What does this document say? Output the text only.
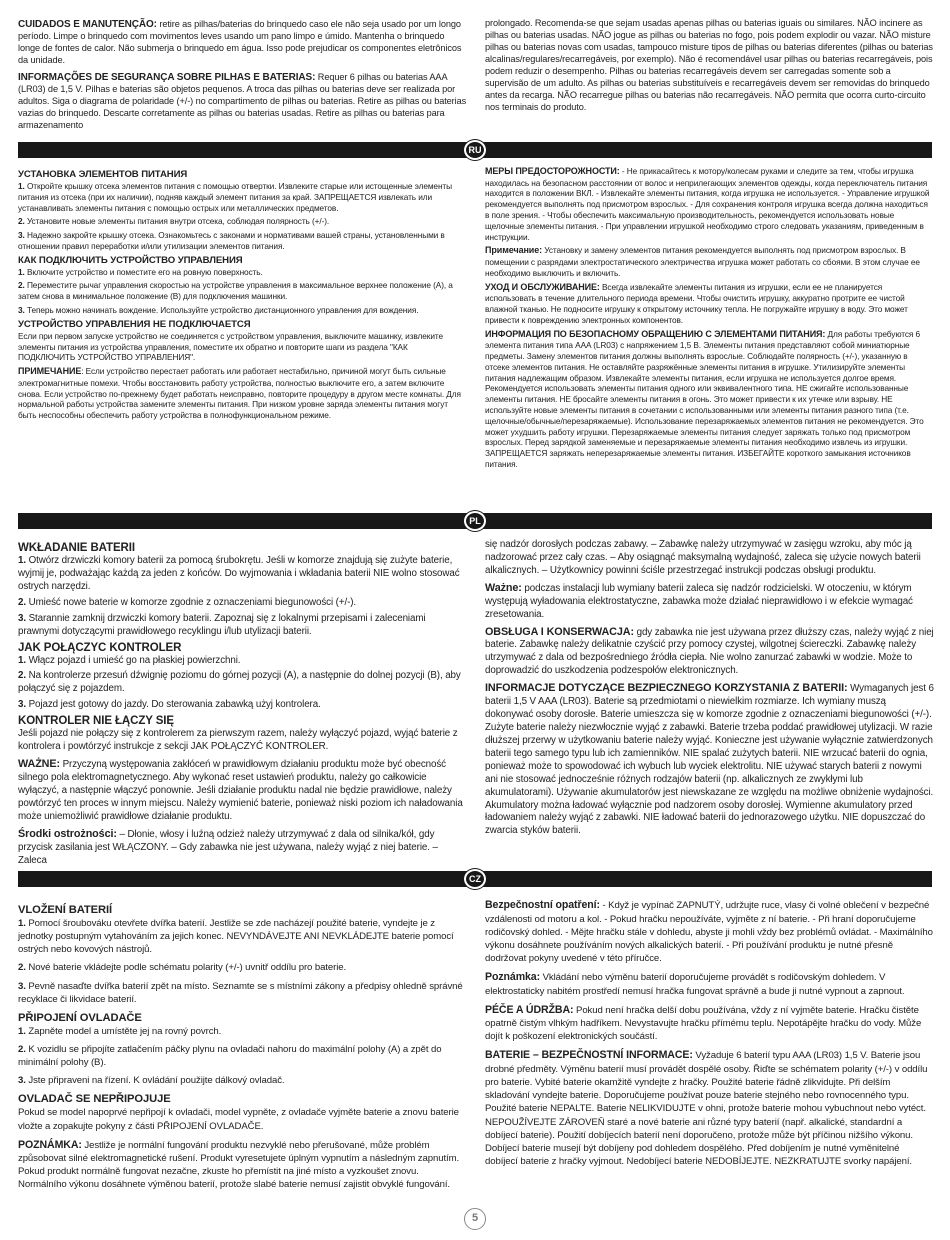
CUIDADOS E MANUTENÇÃO: retire as pilhas/baterias do brinquedo caso ele não seja usado por um longo período. Limpe o brinquedo com movimentos leves usando um pano limpo e úmido. Mantenha o brinquedo longe de fontes de calor. Não submerja o brinquedo em água. Isso pode prejudicar os componentes eletrônicos da unidade.

INFORMAÇÕES DE SEGURANÇA SOBRE PILHAS E BATERIAS: Requer 6 pilhas ou baterias AAA (LR03) de 1,5 V. Pilhas e baterias são objetos pequenos. A troca das pilhas ou baterias deve ser realizada por adultos. Siga o diagrama de polaridade (+/-) no compartimento de pilhas ou baterias. Retire as pilhas ou baterias vazias do brinquedo. Descarte corretamente as pilhas ou baterias usadas. Retire as pilhas ou baterias para armazenamento

prolongado. Recomenda-se que sejam usadas apenas pilhas ou baterias iguais ou similares. NÃO incinere as pilhas ou baterias usadas. NÃO jogue as pilhas ou baterias no fogo, pois podem explodir ou vazar. NÃO misture pilhas ou baterias novas com usadas, tampouco misture tipos de pilhas ou baterias diferentes (pilhas ou baterias alcalinas/regulares/recarregáveis, por exemplo). Não é recomendável usar pilhas ou baterias recarregáveis, pois podem reduzir o desempenho. Pilhas ou baterias recarregáveis devem ser carregadas somente sob a supervisão de um adulto. As pilhas ou baterias substituíveis e recarregáveis devem ser removidas do brinquedo antes da recarga. NÃO recarregue pilhas ou baterias não recarregáveis. NÃO permita que ocorra curto-circuito nos terminais do produto.

RU
УСТАНОВКА ЭЛЕМЕНТОВ ПИТАНИЯ

1. Откройте крышку отсека элементов питания с помощью отвертки. Извлеките старые или истощенные элементы питания из отсека (при их наличии), подняв каждый элемент питания за край. ЗАПРЕЩАЕТСЯ извлекать или устанавливать элементы питания с помощью острых или металлических предметов.

2. Установите новые элементы питания внутри отсека, соблюдая полярность (+/-).

3. Надежно закройте крышку отсека. Ознакомьтесь с законами и нормативами вашей страны, установленными в отношении правил переработки и/или утилизации элементов питания.

КАК ПОДКЛЮЧИТЬ УСТРОЙСТВО УПРАВЛЕНИЯ

1. Включите устройство и поместите его на ровную поверхность.

2. Переместите рычаг управления скоростью на устройстве управления в максимальное верхнее положение (A), а затем снова в минимальное положение (B) для подключения машинки.

3. Теперь можно начинать вождение. Используйте устройство дистанционного управления для вождения.

УСТРОЙСТВО УПРАВЛЕНИЯ НЕ ПОДКЛЮЧАЕТСЯ

Если при первом запуске устройство не соединяется с устройством управления, выключите машинку, извлеките элементы питания из устройства управления, поместите их обратно и повторите шаги из раздела "КАК ПОДКЛЮЧИТЬ УСТРОЙСТВО УПРАВЛЕНИЯ".

ПРИМЕЧАНИЕ: Если устройство перестает работать или работает нестабильно, причиной могут быть сильные электромагнитные помехи. Чтобы восстановить работу устройства, полностью выключите его, а затем включите снова. Если устройство по-прежнему будет работать неисправно, повторите процедуру в другом месте комнаты. Для нормальной работы устройства замените элементы питания. При низком уровне заряда элементы питания могут быть неспособны обеспечить работу устройства в полнофункциональном режиме.

МЕРЫ ПРЕДОСТОРОЖНОСТИ: - Не прикасайтесь к мотору/колесам руками и следите за тем, чтобы игрушка находилась на безопасном расстоянии от волос и неприлегающих элементов одежды, когда переключатель питания находится в положении ВКЛ. - Извлекайте элементы питания, когда игрушка не используется. - Управление игрушкой рекомендуется выполнять под присмотром взрослых. - Для сохранения контроля игрушка всегда должна находиться в поле зрения. - Чтобы обеспечить максимальную производительность, рекомендуется использовать новые щелочные элементы питания. - При управлении игрушкой необходимо строго следовать указаниям, приведенным в инструкции.

Примечание: Установку и замену элементов питания рекомендуется выполнять под присмотром взрослых. В помещении с разрядами электростатического электричества игрушка может работать со сбоями. В этом случае ее необходимо выключить и включить.

УХОД И ОБСЛУЖИВАНИЕ: Всегда извлекайте элементы питания из игрушки, если ее не планируется использовать в течение длительного периода времени. Чтобы очистить игрушку, аккуратно протрите ее чистой влажной тканью. Не подносите игрушку к открытому источнику тепла. Не погружайте игрушку в воду. Это может привести к повреждению электронных компонентов.

ИНФОРМАЦИЯ ПО БЕЗОПАСНОМУ ОБРАЩЕНИЮ С ЭЛЕМЕНТАМИ ПИТАНИЯ: Для работы требуются 6 элемента питания типа AAA (LR03) с напряжением 1,5 В. Элементы питания представляют собой миниатюрные предметы. Замену элементов питания должны выполнять взрослые. Соблюдайте полярность (+/-), указанную в отсеке элементов питания. Не оставляйте разряжённые элементы питания в игрушке. Утилизируйте элементы питания надлежащим образом. Извлекайте элементы питания, если игрушка не используется долгое время. Рекомендуется использовать элементы питания одного или эквивалентного типа. НЕ сжигайте использованные элементы питания. НЕ бросайте элементы питания в огонь. Это может привести к их утечке или взрыву. НЕ используйте новые элементы питания в сочетании с использованными или элементы питания разного типа (т.е. щелочные/обычные/перезаряжаемые). Использование перезаряжаемых элементов питания не рекомендуется. Это может ухудшить работу игрушки. Перезаряжаемые элементы питания следует заряжать только под присмотром взрослых. Перед зарядкой заменяемые и перезаряжаемые элементы питания необходимо извлечь из игрушки. ЗАПРЕЩАЕТСЯ заряжать неперезаряжаемые элементы питания. ИЗБЕГАЙТЕ короткого замыкания источников питания.

PL
WKŁADANIE BATERII

1. Otwórz drzwiczki komory baterii za pomocą śrubokrętu. Jeśli w komorze znajdują się zużyte baterie, wyjmij je, podważając każdą za jeden z końców. Do wyjmowania i wkładania baterii NIE wolno stosować ostrych narzędzi.

2. Umieść nowe baterie w komorze zgodnie z oznaczeniami biegunowości (+/-).

3. Starannie zamknij drzwiczki komory baterii. Zapoznaj się z lokalnymi przepisami i zaleceniami prawnymi dotyczącymi prawidłowego recyklingu i/lub utylizacji baterii.

JAK POŁĄCZYC KONTROLER

1. Włącz pojazd i umieść go na płaskiej powierzchni.

2. Na kontrolerze przesuń dźwignię poziomu do górnej pozycji (A), a następnie do dolnej pozycji (B), aby połączyć się z pojazdem.

3. Pojazd jest gotowy do jazdy. Do sterowania zabawką użyj kontrolera.

KONTROLER NIE ŁĄCZY SIĘ

Jeśli pojazd nie połączy się z kontrolerem za pierwszym razem, należy wyłączyć pojazd, wyjąć baterie z kontrolera i powtórzyć instrukcje z sekcji JAK POŁĄCZYĆ KONTROLER.

WAŻNE: Przyczyną występowania zakłóceń w prawidłowym działaniu produktu może być obecność silnego pola elektromagnetycznego. Aby wykonać reset ustawień produktu, należy go całkowicie wyłączyć, a następnie włączyć ponownie. Jeśli działanie produktu nadal nie będzie prawidłowe, należy powtórzyć ten proces w innym miejscu. Należy wymienić baterie, ponieważ niski poziom ich naładowania może uniemożliwić prawidłowe działanie produktu.

Środki ostrożności: – Dłonie, włosy i luźną odzież należy utrzymywać z dala od silnika/kół, gdy przycisk zasilania jest WŁĄCZONY. – Gdy zabawka nie jest używana, należy wyjąć z niej baterie. – Zaleca

się nadzór dorosłych podczas zabawy. – Zabawkę należy utrzymywać w zasięgu wzroku, aby móc ją nadzorować przez cały czas. – Aby osiągnąć maksymalną wydajność, zaleca się użycie nowych baterii alkalicznych. – Użytkownicy powinni ściśle przestrzegać instrukcji podczas obsługi produktu.

Ważne: podczas instalacji lub wymiany baterii zaleca się nadzór rodzicielski. W otoczeniu, w którym występują wyładowania elektrostatyczne, zabawka może działać nieprawidłowo i w efekcie wymagać zresetowania.

OBSŁUGA I KONSERWACJA: gdy zabawka nie jest używana przez dłuższy czas, należy wyjąć z niej baterie. Zabawkę należy delikatnie czyścić przy pomocy czystej, wilgotnej ściereczki. Zabawkę należy utrzymywać z dala od bezpośredniego źródła ciepła. Nie wolno zanurzać zabawki w wodzie. Może to doprowadzić do uszkodzenia podzespołów elektronicznych.

INFORMACJE DOTYCZĄCE BEZPIECZNEGO KORZYSTANIA Z BATERII: Wymaganych jest 6 baterii 1,5 V AAA (LR03). Baterie są przedmiotami o niewielkim rozmiarze. Ich wymiany muszą dokonywać osoby dorosłe. Baterie umieszcza się w komorze zgodnie z oznaczeniami biegunowości (+/-). Zużyte baterie należy niezwłocznie wyjąć z zabawki. Baterie trzeba poddać prawidłowej utylizacji. W razie dłuższej przerwy w użytkowaniu baterie należy wyjąć. Konieczne jest używanie wyłącznie zatwierdzonych baterii tego samego typu lub ich zamienników. NIE spalać zużytych baterii. NIE wrzucać baterii do ognia, ponieważ może to spowodować ich wybuch lub wyciek elektrolitu. NIE używać starych baterii z nowymi ani nie stosować jednocześnie różnych rodzajów baterii (np. alkalicznych ze zwykłymi lub akumulatorami). Używanie akumulatorów jest niewskazane ze względu na możliwe obniżenie wydajności. Akumulatory można ładować wyłącznie pod nadzorem osoby dorosłej. Wymienne akumulatory przed ładowaniem należy wyjąć z zabawki. NIE ładować baterii do jednorazowego użytku. NIE dopuszczać do zwarcia styków baterii.

CZ
VLOŽENÍ BATERIÍ

1. Pomocí šroubováku otevřete dvířka baterií. Jestliže se zde nacházejí použité baterie, vyndejte je z jednotky postupným vytahováním za jejich konec. NEVYNDÁVEJTE ANI NEVKLÁDEJTE baterie pomocí ostrých nebo kovových nástrojů.

2. Nové baterie vkládejte podle schématu polarity (+/-) uvnitř oddílu pro baterie.

3. Pevně nasaďte dvířka baterií zpět na místo. Seznamte se s místními zákony a předpisy ohledně správné recyklace či likvidace baterií.

PŘIPOJENÍ OVLADAČE

1. Zapněte model a umístěte jej na rovný povrch.

2. K vozidlu se připojíte zatlačením páčky plynu na ovladači nahoru do maximální polohy (A) a zpět do minimální polohy (B).

3. Jste připraveni na řízení. K ovládání použijte dálkový ovladač.

OVLADAČ SE NEPŘIPOJUJE

Pokud se model napoprvé nepřipojí k ovladači, model vypněte, z ovladače vyjměte baterie a znovu baterie vložte a zopakujte pokyny z části PŘIPOJENÍ OVLADAČE.

POZNÁMKA: Jestliže je normální fungování produktu nezvyklé nebo přerušované, může problém způsobovat silné elektromagnetické rušení. Produkt vyresetujete úplným vypnutím a následným zapnutím. Pokud produkt normálně fungovat nezačne, zkuste ho přemístit na jiné místo a vyzkoušet znovu. Normálního výkonu dosáhnete výměnou baterií, protože slabé baterie nemusí zajistit obvyklé fungování.

Bezpečnostní opatření: - Když je vypínač ZAPNUTÝ, udržujte ruce, vlasy či volné oblečení v bezpečné vzdálenosti od motoru a kol. - Pokud hračku nepoužíváte, vyjměte z ní baterie. - Při hraní doporučujeme rodičovský dohled. - Mějte hračku stále v dohledu, abyste ji mohli vždy bez problémů ovládat. - Maximálního výkonu dosáhnete používáním nových alkalických baterií. - Při používání produktu je nutné přesně dodržovat pokyny uvedené v této příručce.

Poznámka: Vkládání nebo výměnu baterií doporučujeme provádět s rodičovským dohledem. V elektrostaticky nabitém prostředí nemusí hračka fungovat správně a bude ji nutné vypnout a zapnout.

PÉČE A ÚDRŽBA: Pokud není hračka delší dobu používána, vždy z ní vyjměte baterie. Hračku čistěte opatrně čistým vlhkým hadříkem. Nevystavujte hračku přímému teplu. Nepotápějte hračku do vody. Může dojít k poškození elektronických součástí.

BATERIE – BEZPEČNOSTNÍ INFORMACE: Vyžaduje 6 baterií typu AAA (LR03) 1,5 V. Baterie jsou drobné předměty. Výměnu baterií musí provádět dospělé osoby. Řiďte se schématem polarity (+/-) v oddílu pro baterie. Vybité baterie okamžitě vyndejte z hračky. Použité baterie řádně zlikvidujte. Při delším skladování vyndejte baterie. Doporučujeme používat pouze baterie stejného nebo rovnocenného typu. Použité baterie NEPALTE. Baterie NELIKVIDUJTE v ohni, protože baterie mohou vybuchnout nebo vytéct. NEPOUŽÍVEJTE ZÁROVEŇ staré a nové baterie ani různé typy baterií (např. alkalické, standardní a dobíjecí baterie). Použití dobíjecích baterií není doporučeno, protože může být příčinou nižšího výkonu. Dobíjecí baterie musejí být dobíjeny pod dohledem dospělého. Před dobíjením je nutné vyměnitelné dobíjecí baterie z hračky vyjmout. Nedobíjecí baterie NEDOBÍJEJTE. NEZKRATUJTE svorky napájení.

5
